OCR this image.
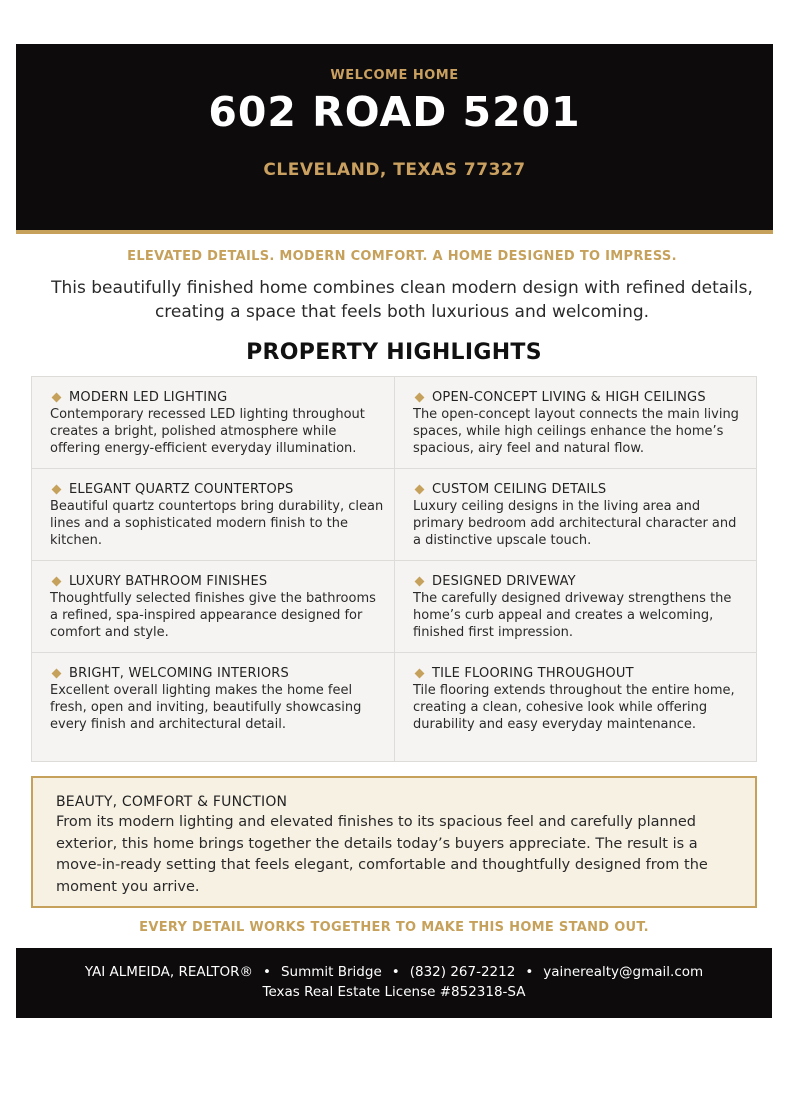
WELCOME HOME
602 ROAD 5201
CLEVELAND, TEXAS 77327
ELEVATED DETAILS. MODERN COMFORT. A HOME DESIGNED TO IMPRESS.
This beautifully finished home combines clean modern design with refined details, creating a space that feels both luxurious and welcoming.
PROPERTY HIGHLIGHTS
MODERN LED LIGHTING
Contemporary recessed LED lighting throughout creates a bright, polished atmosphere while offering energy-efficient everyday illumination.
OPEN-CONCEPT LIVING & HIGH CEILINGS
The open-concept layout connects the main living spaces, while high ceilings enhance the home’s spacious, airy feel and natural flow.
ELEGANT QUARTZ COUNTERTOPS
Beautiful quartz countertops bring durability, clean lines and a sophisticated modern finish to the kitchen.
CUSTOM CEILING DETAILS
Luxury ceiling designs in the living area and primary bedroom add architectural character and a distinctive upscale touch.
LUXURY BATHROOM FINISHES
Thoughtfully selected finishes give the bathrooms a refined, spa-inspired appearance designed for comfort and style.
DESIGNED DRIVEWAY
The carefully designed driveway strengthens the home’s curb appeal and creates a welcoming, finished first impression.
BRIGHT, WELCOMING INTERIORS
Excellent overall lighting makes the home feel fresh, open and inviting, beautifully showcasing every finish and architectural detail.
TILE FLOORING THROUGHOUT
Tile flooring extends throughout the entire home, creating a clean, cohesive look while offering durability and easy everyday maintenance.
BEAUTY, COMFORT & FUNCTION
From its modern lighting and elevated finishes to its spacious feel and carefully planned exterior, this home brings together the details today’s buyers appreciate. The result is a move-in-ready setting that feels elegant, comfortable and thoughtfully designed from the moment you arrive.
EVERY DETAIL WORKS TOGETHER TO MAKE THIS HOME STAND OUT.
YAI ALMEIDA, REALTOR® • Summit Bridge • (832) 267-2212 • yainerealty@gmail.com
Texas Real Estate License #852318-SA
